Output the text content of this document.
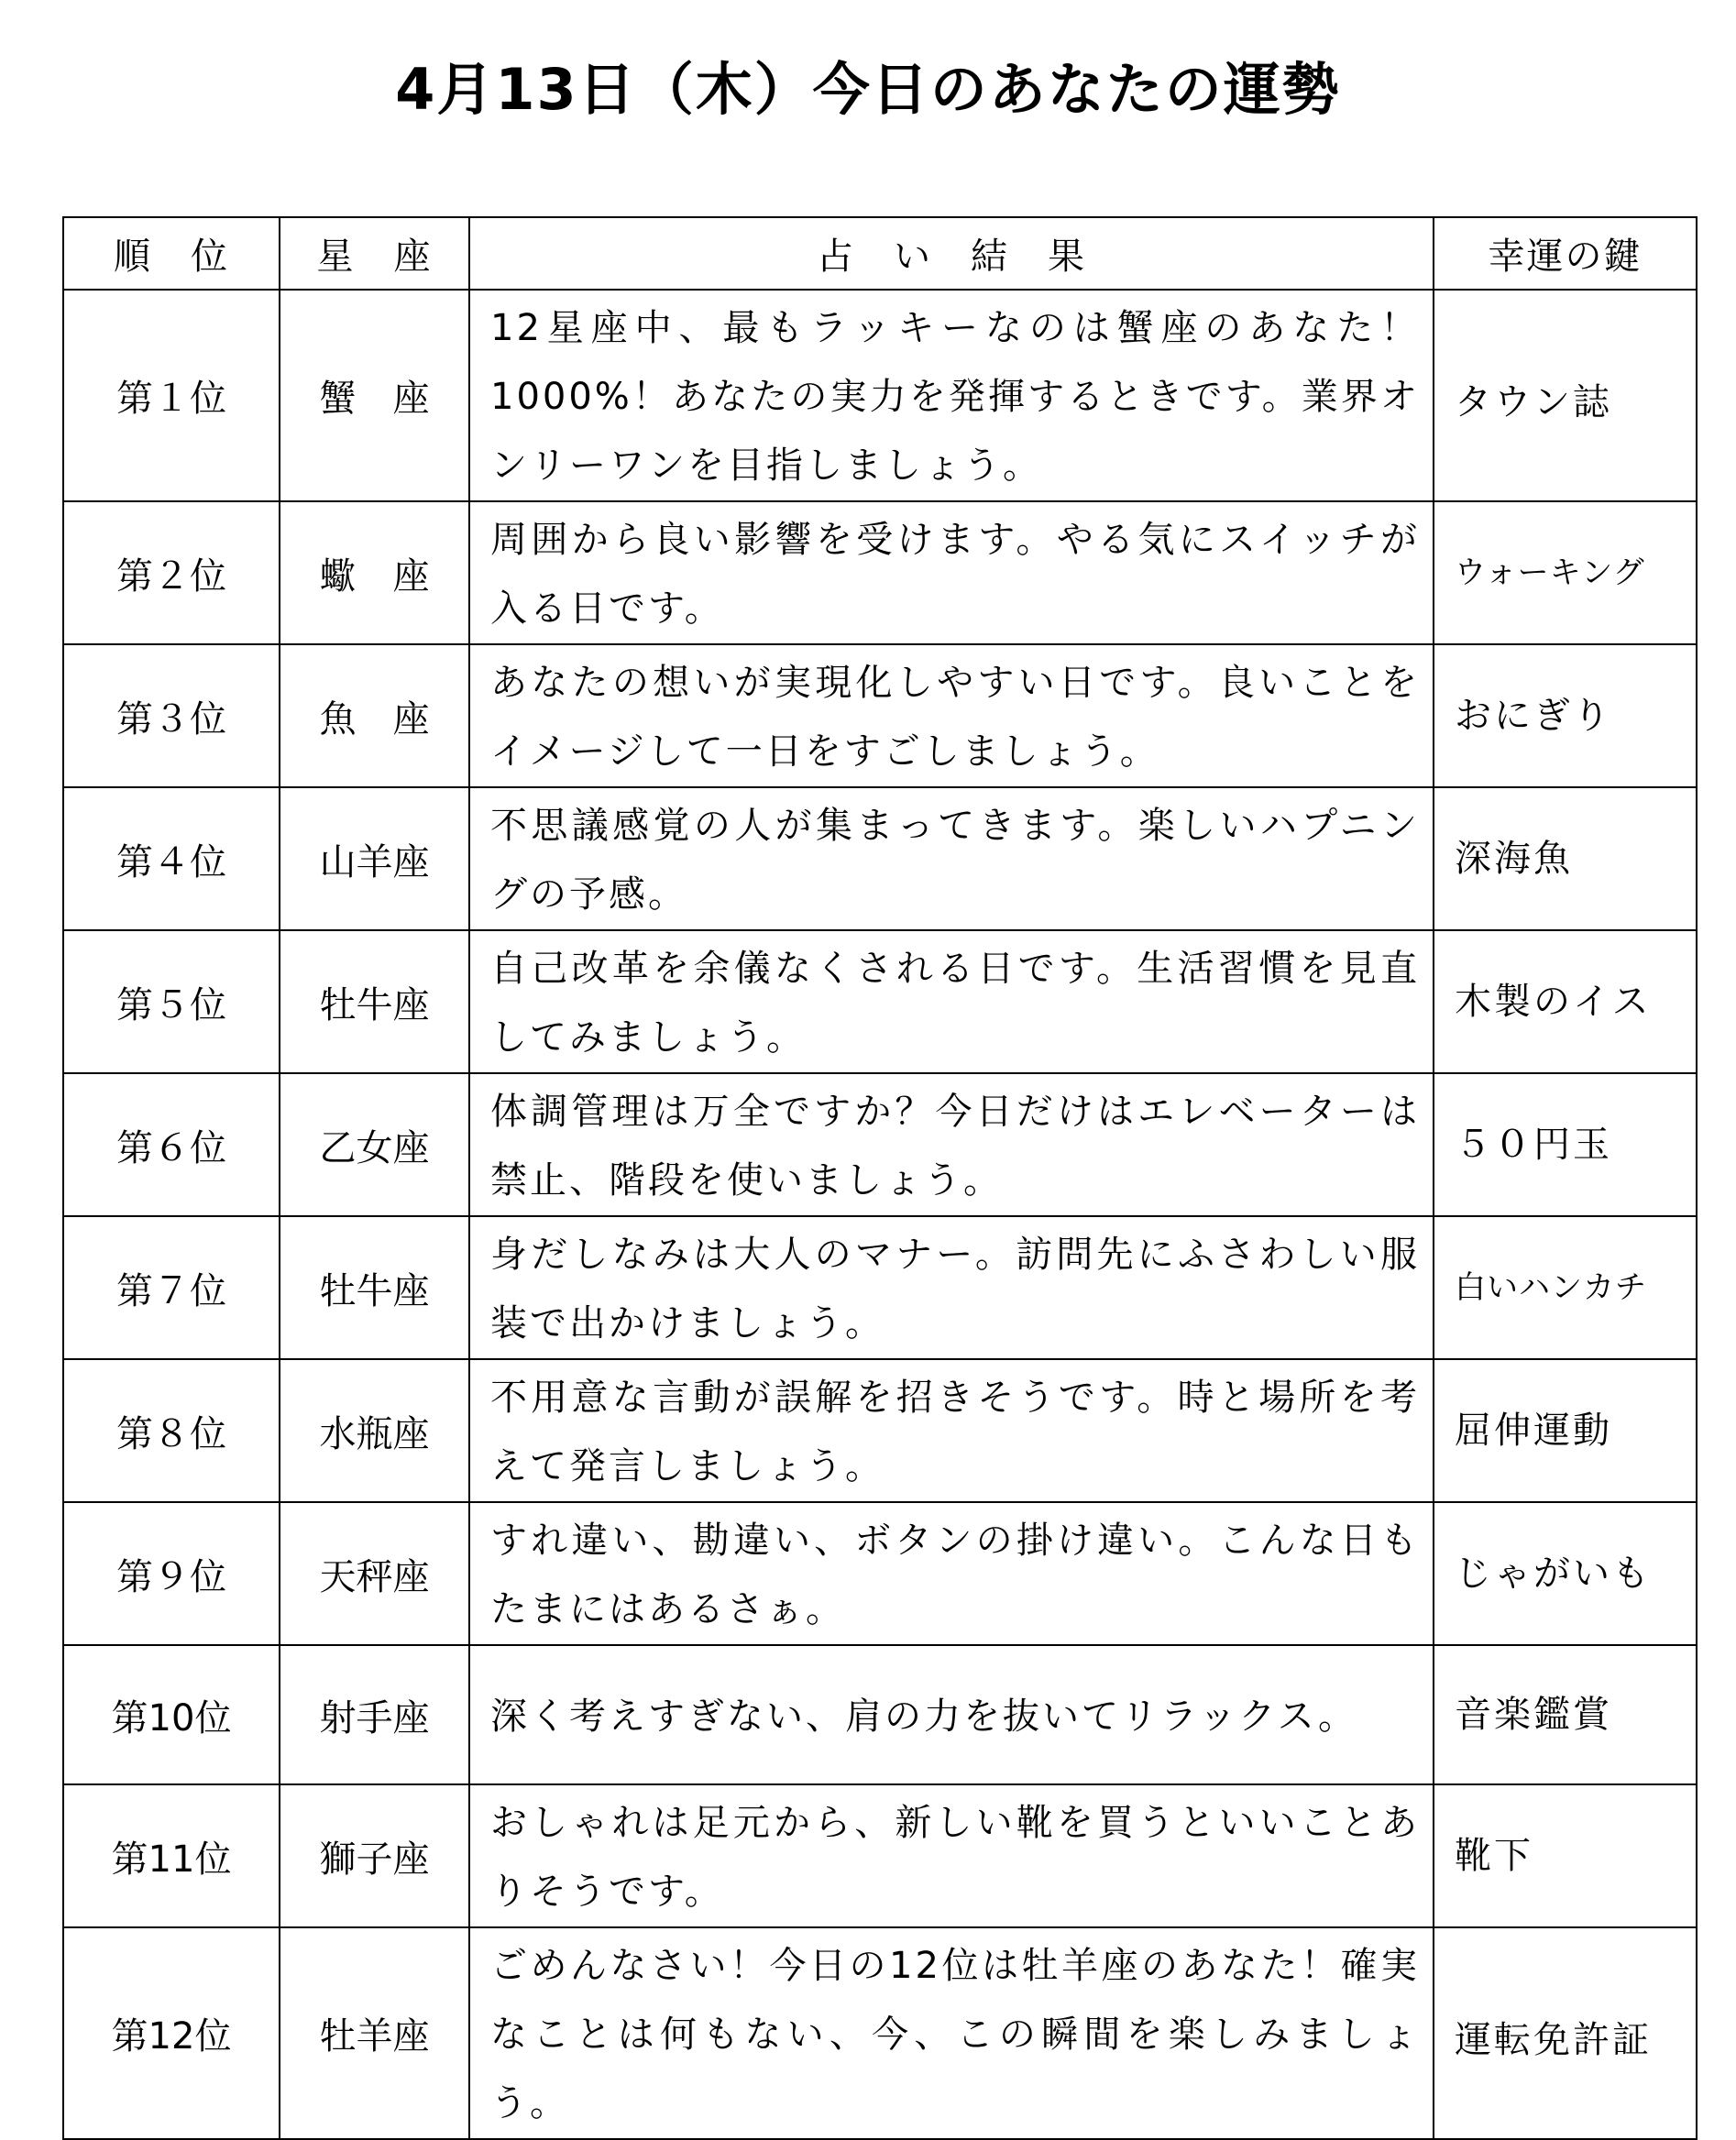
4月13日（木）今日のあなたの運勢
順　位	星　座	占　い　結　果	幸運の鍵
第１位	蟹　座	12星座中、最もラッキーなのは蟹座のあなた！1000%！あなたの実力を発揮するときです。業界オンリーワンを目指しましょう。	タウン誌
第２位	蠍　座	周囲から良い影響を受けます。やる気にスイッチが入る日です。	ウォーキング
第３位	魚　座	あなたの想いが実現化しやすい日です。良いことをイメージして一日をすごしましょう。	おにぎり
第４位	山羊座	不思議感覚の人が集まってきます。楽しいハプニングの予感。	深海魚
第５位	牡牛座	自己改革を余儀なくされる日です。生活習慣を見直してみましょう。	木製のイス
第６位	乙女座	体調管理は万全ですか？今日だけはエレベーターは禁止、階段を使いましょう。	５０円玉
第７位	牡牛座	身だしなみは大人のマナー。訪問先にふさわしい服装で出かけましょう。	白いハンカチ
第８位	水瓶座	不用意な言動が誤解を招きそうです。時と場所を考えて発言しましょう。	屈伸運動
第９位	天秤座	すれ違い、勘違い、ボタンの掛け違い。こんな日もたまにはあるさぁ。	じゃがいも
第10位	射手座	深く考えすぎない、肩の力を抜いてリラックス。	音楽鑑賞
第11位	獅子座	おしゃれは足元から、新しい靴を買うといいことありそうです。	靴下
第12位	牡羊座	ごめんなさい！今日の12位は牡羊座のあなた！確実なことは何もない、今、この瞬間を楽しみましょう。	運転免許証
